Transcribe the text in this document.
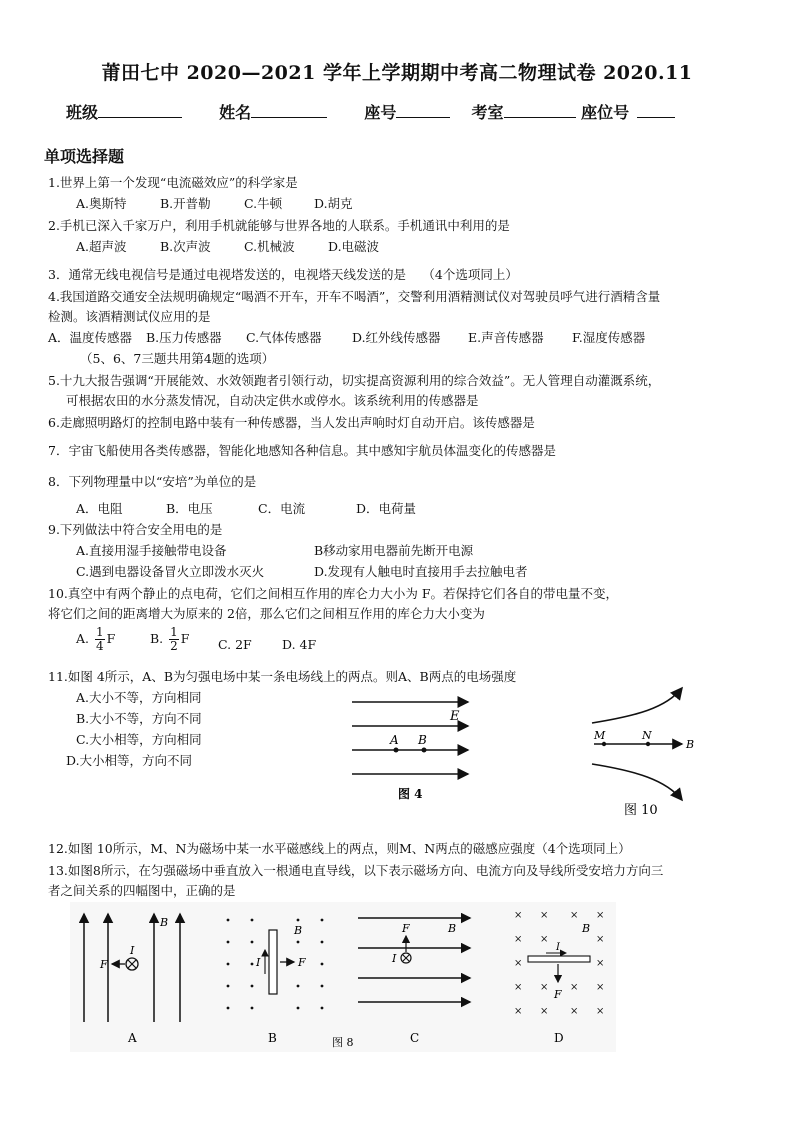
莆田七中 2020—2021 学年上学期期中考高二物理试卷 2020.11
班级	姓名	座号	考室	座位号
单项选择题
1.世界上第一个发现“电流磁效应”的科学家是
A.奥斯特	B.开普勒	C.牛顿	D.胡克
2.手机已深入千家万户，利用手机就能够与世界各地的人联系。手机通讯中利用的是
A.超声波	B.次声波	C.机械波	D.电磁波
3．通常无线电视信号是通过电视塔发送的，电视塔天线发送的是　 （4个选项同上）
4.我国道路交通安全法规明确规定“喝酒不开车，开车不喝酒”，交警利用酒精测试仪对驾驶员呼气进行酒精含量
检测。该酒精测试仪应用的是
A．温度传感器 B.压力传感器 C.气体传感器 D.红外线传感器 E.声音传感器 F.湿度传感器
（5、6、7三题共用第4题的选项）
5.十九大报告强调“开展能效、水效领跑者引领行动，切实提高资源利用的综合效益”。无人管理自动灌溉系统，
可根据农田的水分蒸发情况，自动决定供水或停水。该系统利用的传感器是
6.走廊照明路灯的控制电路中装有一种传感器，当人发出声响时灯自动开启。该传感器是
7．宇宙飞船使用各类传感器，智能化地感知各种信息。其中感知宇航员体温变化的传感器是
8．下列物理量中以“安培”为单位的是
A．电阻	B．电压	C．电流	D．电荷量
9.下列做法中符合安全用电的是
A.直接用湿手接触带电设备	B移动家用电器前先断开电源
C.遇到电器设备冒火立即泼水灭火	D.发现有人触电时直接用手去拉触电者
10.真空中有两个静止的点电荷，它们之间相互作用的库仑力大小为 F。若保持它们各自的带电量不变，
将它们之间的距离增大为原来的 2倍，那么它们之间相互作用的库仑力大小变为
A. $\frac{1}{4}$ F	B. $\frac{1}{2}$ F C. 2F D. 4F
11.如图 4所示，A、B为匀强电场中某一条电场线上的两点。则A、B两点的电场强度
A.大小不等，方向相同
B.大小不等，方向不同
C.大小相等，方向相同
D.大小相等，方向不同
E
A B
图 4
M	N
B
图 10
12.如图 10所示，M、N为磁场中某一水平磁感线上的两点，则M、N两点的磁感应强度（4个选项同上）
13.如图8所示，在匀强磁场中垂直放入一根通电直导线，以下表示磁场方向、电流方向及导线所受安培力方向三
者之间关系的四幅图中，正确的是
F
I
B
A
I	F
B
B
F
I
B
C
× × × ×
× ×	×
×	×
× × × ×
× × × ×
I
F
B
D
图 8
